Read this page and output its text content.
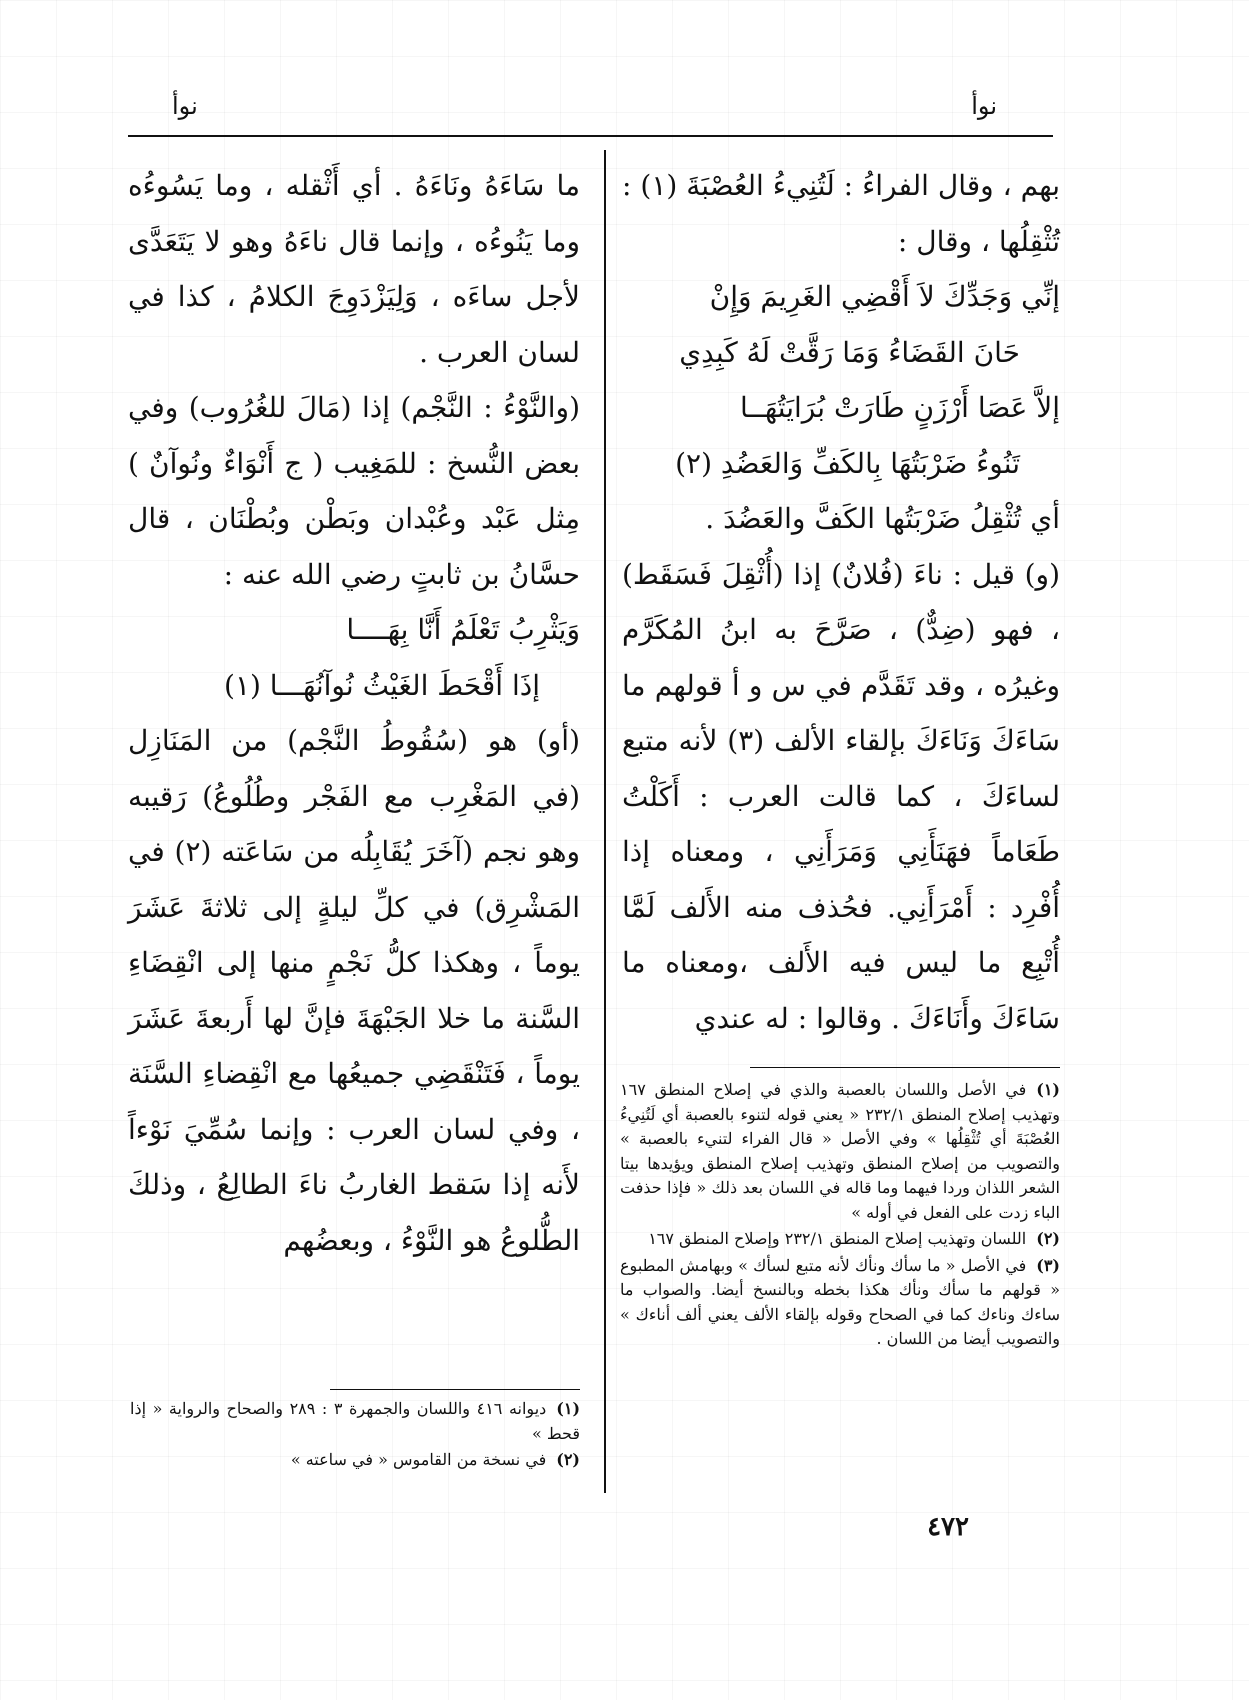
نوأ
نوأ

بهم ، وقال الفراءُ : لَتُنِيءُ العُصْبَةَ (١) : تُثْقِلُها ، وقال :

إنِّي وَجَدِّكَ لاَ أَقْضِي الغَرِيمَ وَإِنْ

حَانَ القَضَاءُ وَمَا رَقَّتْ لَهُ كَبِدِي

إلاَّ عَصَا أَرْزَنٍ طَارَتْ بُرَايَتُهَــا

تَنُوءُ ضَرْبَتُهَا بِالكَفِّ وَالعَضُدِ (٢)

أي تُثْقِلُ ضَرْبَتُها الكَفَّ والعَضُدَ .

(و) قيل : ناءَ (فُلانٌ) إذا (أُثْقِلَ فَسَقَط) ، فهو (ضِدٌّ) ، صَرَّحَ به ابنُ المُكَرَّم وغيرُه ، وقد تَقَدَّم في س و أ قولهم ما سَاءَكَ وَنَاءَكَ بإلقاء الألف (٣) لأنه متبع لساءَكَ ، كما قالت العرب : أَكَلْتُ طَعَاماً فهَنَأَنِي وَمَرَأَنِي ، ومعناه إذا أُفْرِد : أَمْرَأَنِي. فحُذف منه الأَلف لَمَّا أُتْبِع ما ليس فيه الأَلف ،ومعناه ما سَاءَكَ وأَنَاءَكَ . وقالوا : له عندي

(١)في الأصل واللسان بالعصبة والذي في إصلاح المنطق ١٦٧ وتهذيب إصلاح المنطق ٢٣٢/١ « يعني قوله لتنوء بالعصبة أي لَتُنِيءُ العُصْبَةَ أي تُثْقِلُها » وفي الأصل « قال الفراء لتنيء بالعصبة » والتصويب من إصلاح المنطق وتهذيب إصلاح المنطق ويؤيدها بيتا الشعر اللذان وردا فيهما وما قاله في اللسان بعد ذلك « فإذا حذفت الباء زدت على الفعل في أوله »

(٢)اللسان وتهذيب إصلاح المنطق ٢٣٢/١ وإصلاح المنطق ١٦٧

(٣)في الأصل « ما سأك ونأك لأنه متبع لسأك » وبهامش المطبوع « قولهم ما سأك ونأك هكذا بخطه وبالنسخ أيضا. والصواب ما ساءك وناءك كما في الصحاح وقوله بإلقاء الألف يعني ألف أناءك » والتصويب أيضا من اللسان .

ما سَاءَهُ ونَاءَهُ . أي أَثْقله ، وما يَسُوءُه وما يَنُوءُه ، وإنما قال ناءَهُ وهو لا يَتَعَدَّى لأجل ساءَه ، وَلِيَزْدَوِجَ الكلامُ ، كذا في لسان العرب .

(والنَّوْءُ : النَّجْم) إذا (مَالَ للغُرُوب) وفي بعض النُّسخ : للمَغِيب ( ج أَنْوَاءٌ ونُوآنٌ ) مِثل عَبْد وعُبْدان وبَطْن وبُطْنَان ، قال حسَّانُ بن ثابتٍ رضي الله عنه :

وَيَثْرِبُ تَعْلَمُ أَنَّا بِهَــــا

إذَا أَقْحَطَ الغَيْثُ نُوآنُهَـــا (١)

(أو) هو (سُقُوطُ النَّجْم) من المَنَازِل (في المَغْرِب مع الفَجْر وطُلُوعُ) رَقيبه وهو نجم (آخَرَ يُقَابِلُه من سَاعَته (٢) في المَشْرِق) في كلِّ ليلةٍ إلى ثلاثةَ عَشَرَ يوماً ، وهكذا كلُّ نَجْمٍ منها إلى انْقِضَاءِ السَّنة ما خلا الجَبْهَةَ فإنَّ لها أَربعةَ عَشَرَ يوماً ، فَتَنْقَضِي جميعُها مع انْقِضاءِ السَّنَة ، وفي لسان العرب : وإنما سُمِّيَ نَوْءاً لأَنه إذا سَقط الغاربُ ناءَ الطالِعُ ، وذلكَ الطُّلوعُ هو النَّوْءُ ، وبعضُهم

(١)ديوانه ٤١٦ واللسان والجمهرة ٣ : ٢٨٩ والصحاح والرواية « إذا قحط »

(٢)في نسخة من القاموس « في ساعته »

٤٧٢
